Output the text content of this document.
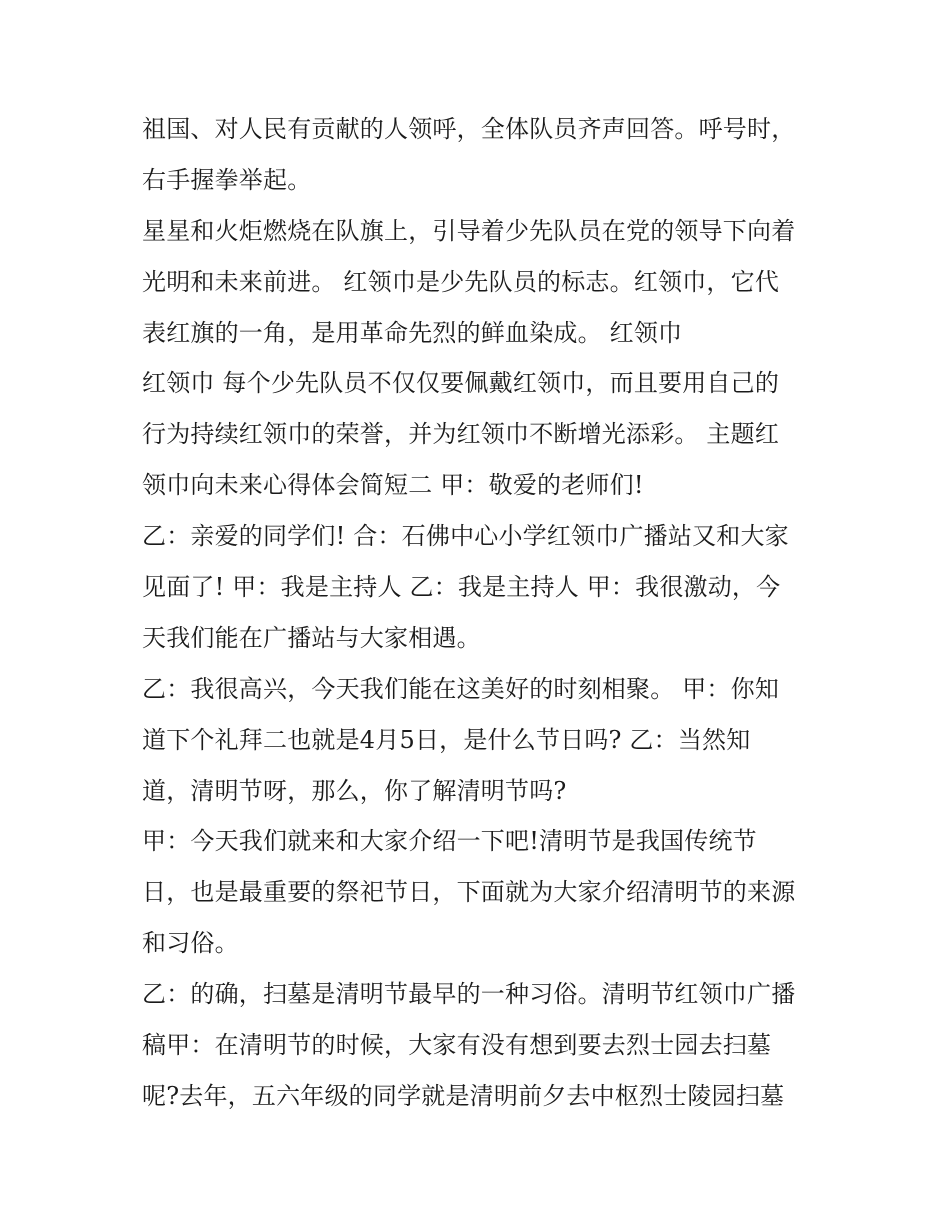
祖国、对人民有贡献的人领呼，全体队员齐声回答。呼号时，
右手握拳举起。
星星和火炬燃烧在队旗上，引导着少先队员在党的领导下向着
光明和未来前进。 红领巾是少先队员的标志。红领巾，它代
表红旗的一角，是用革命先烈的鲜血染成。 红领巾
红领巾 每个少先队员不仅仅要佩戴红领巾，而且要用自己的
行为持续红领巾的荣誉，并为红领巾不断增光添彩。 主题红
领巾向未来心得体会简短二 甲：敬爱的老师们!
乙：亲爱的同学们! 合：石佛中心小学红领巾广播站又和大家
见面了! 甲：我是主持人 乙：我是主持人 甲：我很激动，今
天我们能在广播站与大家相遇。
乙：我很高兴，今天我们能在这美好的时刻相聚。 甲：你知
道下个礼拜二也就是4月5日，是什么节日吗? 乙：当然知
道，清明节呀，那么，你了解清明节吗?
甲：今天我们就来和大家介绍一下吧!清明节是我国传统节
日，也是最重要的祭祀节日，下面就为大家介绍清明节的来源
和习俗。
乙：的确，扫墓是清明节最早的一种习俗。清明节红领巾广播
稿甲：在清明节的时候，大家有没有想到要去烈士园去扫墓
呢?去年，五六年级的同学就是清明前夕去中枢烈士陵园扫墓
